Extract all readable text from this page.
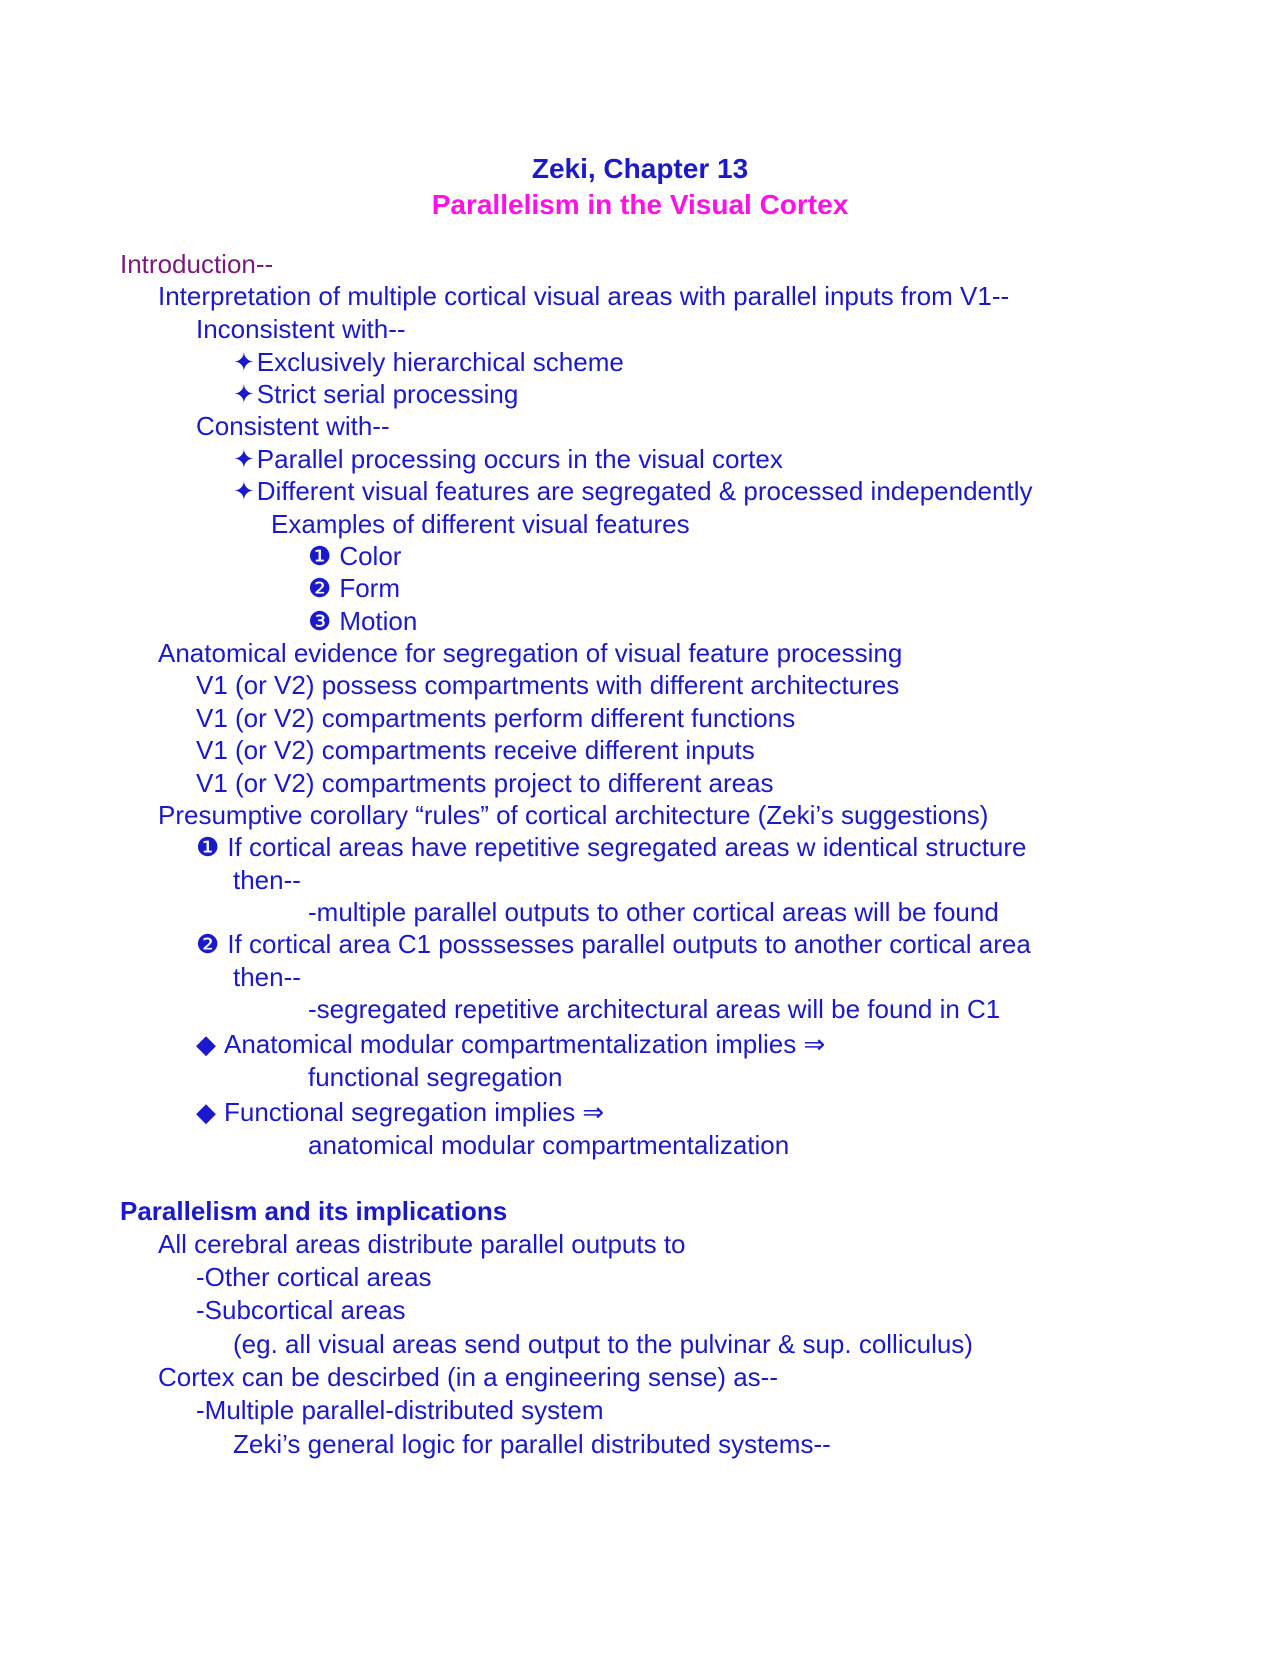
Zeki, Chapter 13
Parallelism in the Visual Cortex
Introduction--
Interpretation of multiple cortical visual areas with parallel inputs from V1--
Inconsistent with--
✦Exclusively hierarchical scheme
✦Strict serial processing
Consistent with--
✦Parallel processing occurs in the visual cortex
✦Different visual features are segregated & processed independently
Examples of different visual features
❶ Color
❷ Form
❸ Motion
Anatomical evidence for segregation of visual feature processing
V1 (or V2) possess compartments with different architectures
V1 (or V2) compartments perform different functions
V1 (or V2) compartments receive different inputs
V1 (or V2) compartments project to different areas
Presumptive corollary “rules” of cortical architecture (Zeki’s suggestions)
❶ If cortical areas have repetitive segregated areas w identical structure
then--
-multiple parallel outputs to other cortical areas will be found
❷ If cortical area C1 posssesses parallel outputs to another cortical area
then--
-segregated repetitive architectural areas will be found in C1
◆ Anatomical modular compartmentalization implies ⇒
functional segregation
◆ Functional segregation implies ⇒
anatomical modular compartmentalization
Parallelism and its implications
All cerebral areas distribute parallel outputs to
-Other cortical areas
-Subcortical areas
(eg. all visual areas send output to the pulvinar & sup. colliculus)
Cortex can be descirbed (in a engineering sense) as--
-Multiple parallel-distributed system
Zeki’s general logic for parallel distributed systems--
